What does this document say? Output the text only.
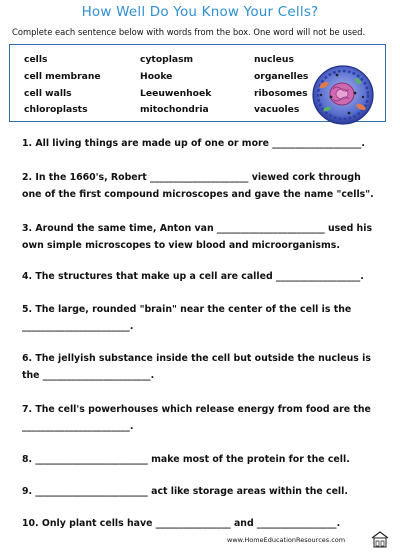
How Well Do You Know Your Cells?
Complete each sentence below with words from the box. One word will not be used.
cells	cytoplasm	nucleus
cell membrane	Hooke	organelles
cell walls	Leeuwenhoek	ribosomes
chloroplasts	mitochondria	vacuoles
1. All living things are made up of one or more ___________________.
2. In the 1660's, Robert _____________________ viewed cork through one of the first compound microscopes and gave the name "cells".
3. Around the same time, Anton van _______________________ used his own simple microscopes to view blood and microorganisms.
4. The structures that make up a cell are called __________________.
5. The large, rounded "brain" near the center of the cell is the _______________________.
6. The jellyish substance inside the cell but outside the nucleus is the _______________________.
7. The cell's powerhouses which release energy from food are the _______________________.
8. ________________________ make most of the protein for the cell.
9. ________________________ act like storage areas within the cell.
10. Only plant cells have ________________ and _________________.
www.HomeEducationResources.com
